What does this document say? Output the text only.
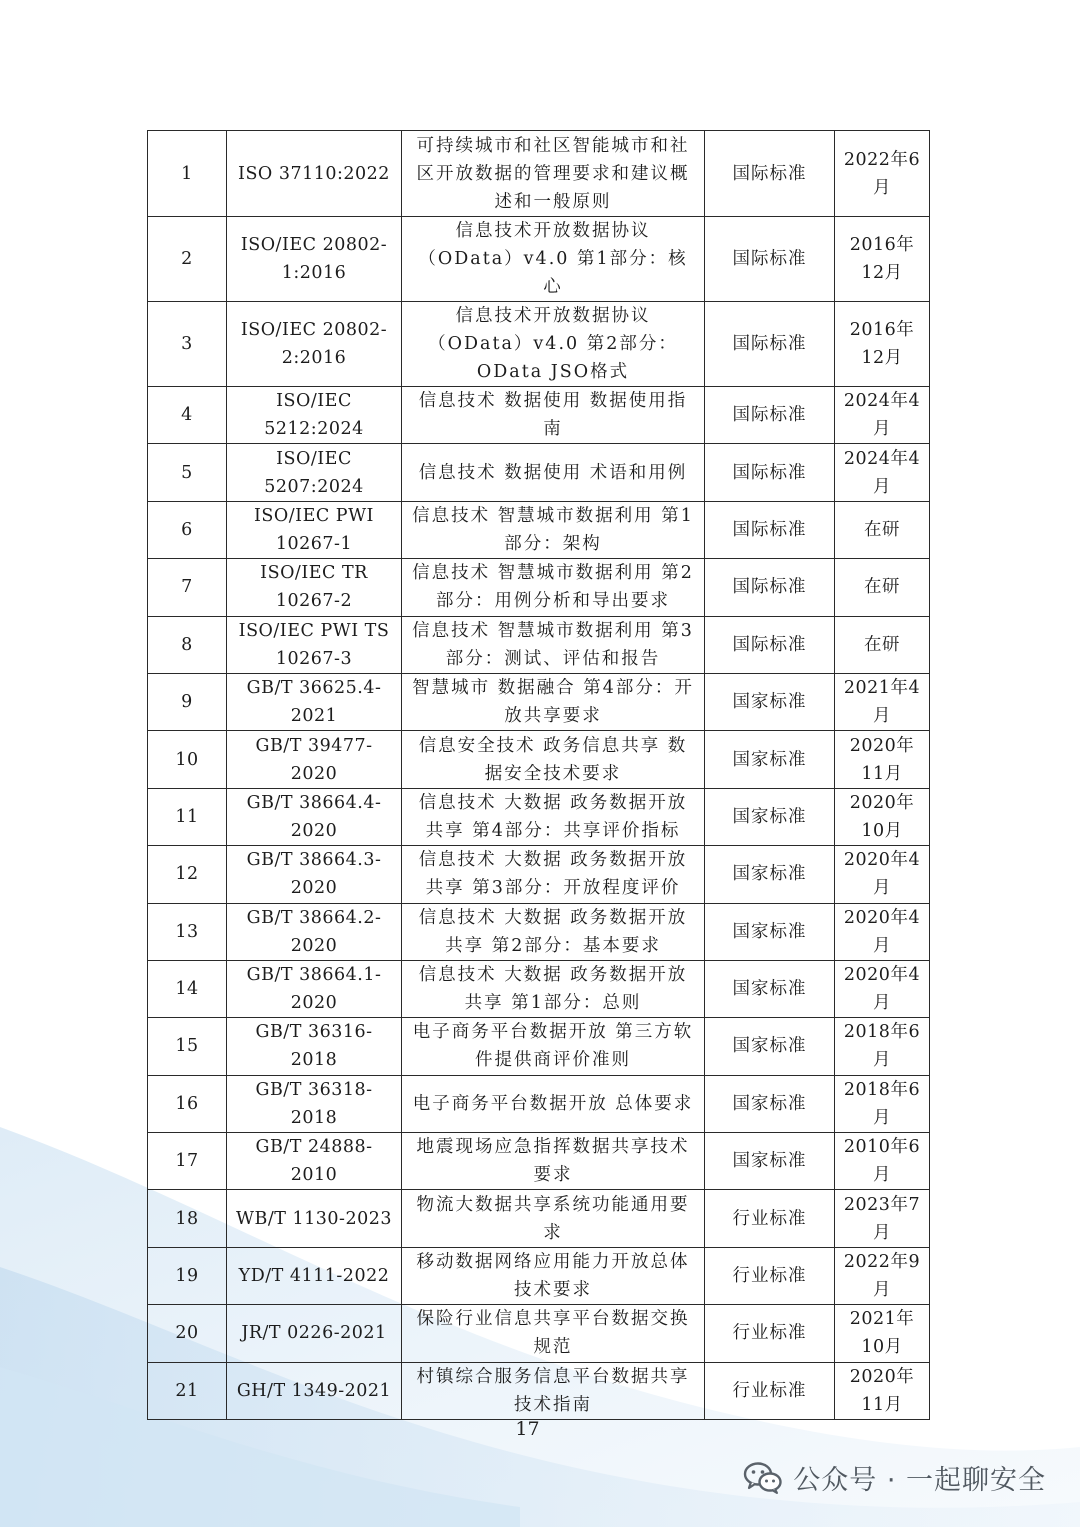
1	ISO 37110:2022	可持续城市和社区智能城市和社区开放数据的管理要求和建议概述和一般原则	国际标准	2022年6月
2	ISO/IEC 20802-1:2016	信息技术开放数据协议（OData）v4.0 第1部分：核心	国际标准	2016年12月
3	ISO/IEC 20802-2:2016	信息技术开放数据协议（OData）v4.0 第2部分：OData JSO格式	国际标准	2016年12月
4	ISO/IEC 5212:2024	信息技术 数据使用 数据使用指南	国际标准	2024年4月
5	ISO/IEC 5207:2024	信息技术 数据使用 术语和用例	国际标准	2024年4月
6	ISO/IEC PWI 10267-1	信息技术 智慧城市数据利用 第1部分：架构	国际标准	在研
7	ISO/IEC TR 10267-2	信息技术 智慧城市数据利用 第2部分：用例分析和导出要求	国际标准	在研
8	ISO/IEC PWI TS 10267-3	信息技术 智慧城市数据利用 第3部分：测试、评估和报告	国际标准	在研
9	GB/T 36625.4-2021	智慧城市 数据融合 第4部分：开放共享要求	国家标准	2021年4月
10	GB/T 39477-2020	信息安全技术 政务信息共享 数据安全技术要求	国家标准	2020年11月
11	GB/T 38664.4-2020	信息技术 大数据 政务数据开放共享 第4部分：共享评价指标	国家标准	2020年10月
12	GB/T 38664.3-2020	信息技术 大数据 政务数据开放共享 第3部分：开放程度评价	国家标准	2020年4月
13	GB/T 38664.2-2020	信息技术 大数据 政务数据开放共享 第2部分：基本要求	国家标准	2020年4月
14	GB/T 38664.1-2020	信息技术 大数据 政务数据开放共享 第1部分：总则	国家标准	2020年4月
15	GB/T 36316-2018	电子商务平台数据开放 第三方软件提供商评价准则	国家标准	2018年6月
16	GB/T 36318-2018	电子商务平台数据开放 总体要求	国家标准	2018年6月
17	GB/T 24888-2010	地震现场应急指挥数据共享技术要求	国家标准	2010年6月
18	WB/T 1130-2023	物流大数据共享系统功能通用要求	行业标准	2023年7月
19	YD/T 4111-2022	移动数据网络应用能力开放总体技术要求	行业标准	2022年9月
20	JR/T 0226-2021	保险行业信息共享平台数据交换规范	行业标准	2021年10月
21	GH/T 1349-2021	村镇综合服务信息平台数据共享技术指南	行业标准	2020年11月
17
公众号 · 一起聊安全
